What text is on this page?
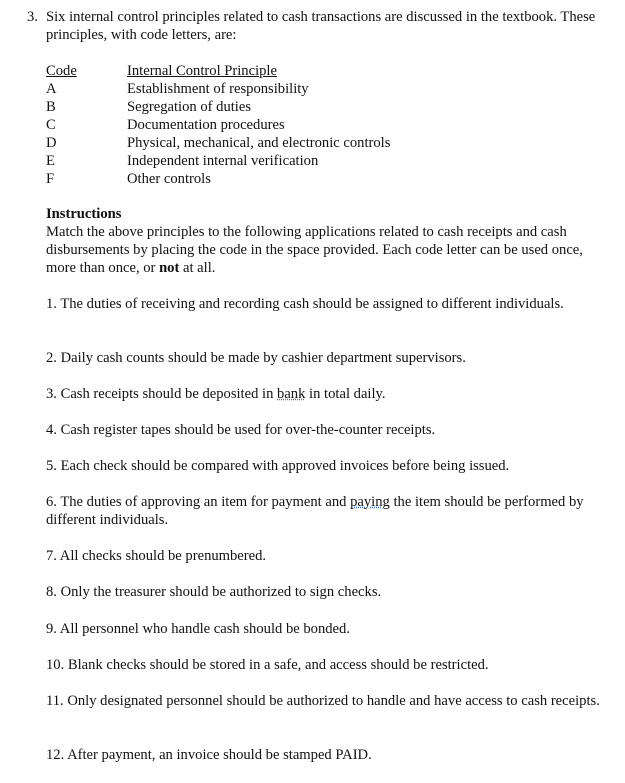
3. Six internal control principles related to cash transactions are discussed in the textbook. These principles, with code letters, are:
Code	Internal Control Principle
A	Establishment of responsibility
B	Segregation of duties
C	Documentation procedures
D	Physical, mechanical, and electronic controls
E	Independent internal verification
F	Other controls
Instructions
Match the above principles to the following applications related to cash receipts and cash disbursements by placing the code in the space provided. Each code letter can be used once, more than once, or not at all.
1. The duties of receiving and recording cash should be assigned to different individuals.
2. Daily cash counts should be made by cashier department supervisors.
3. Cash receipts should be deposited in bank in total daily.
4. Cash register tapes should be used for over-the-counter receipts.
5. Each check should be compared with approved invoices before being issued.
6. The duties of approving an item for payment and paying the item should be performed by different individuals.
7. All checks should be prenumbered.
8. Only the treasurer should be authorized to sign checks.
9. All personnel who handle cash should be bonded.
10. Blank checks should be stored in a safe, and access should be restricted.
11. Only designated personnel should be authorized to handle and have access to cash receipts.
12. After payment, an invoice should be stamped PAID.
